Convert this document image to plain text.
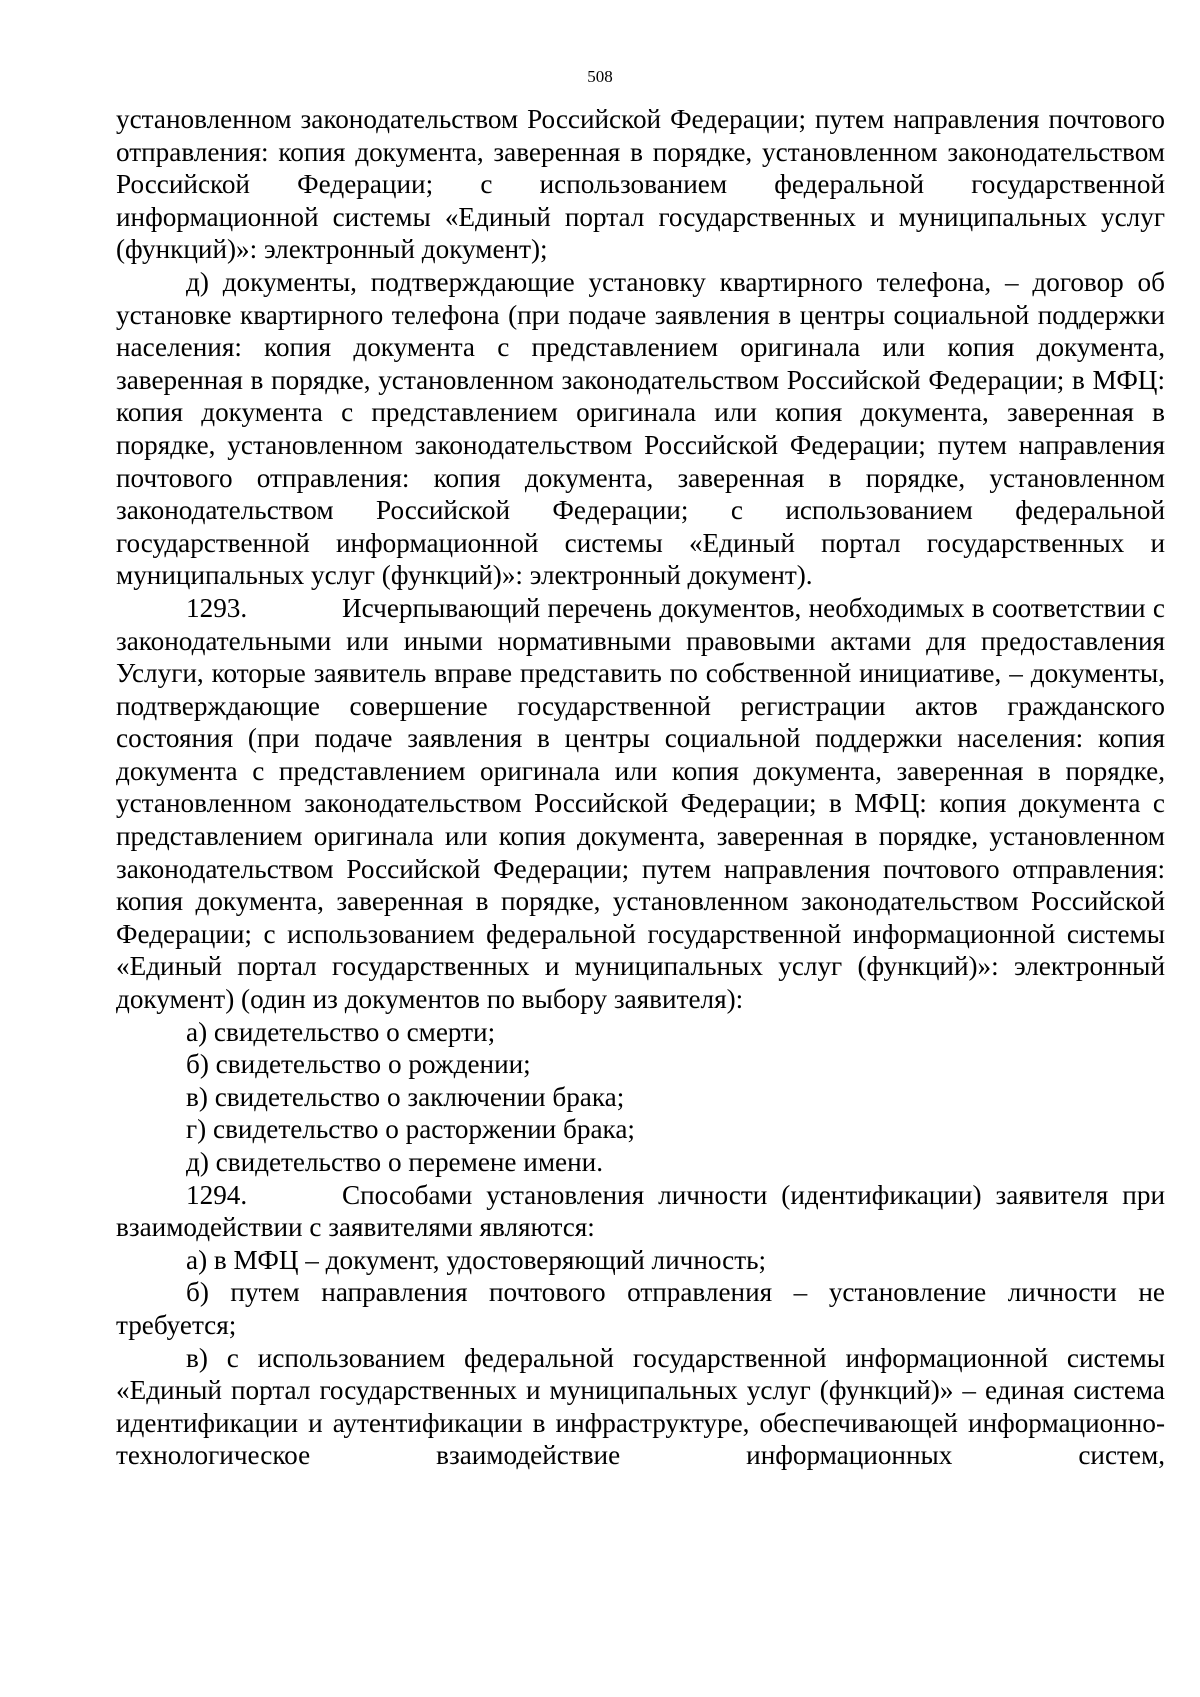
508

установленном законодательством Российской Федерации; путем направления почтового отправления: копия документа, заверенная в порядке, установленном законодательством Российской Федерации; с использованием федеральной государственной информационной системы «Единый портал государственных и муниципальных услуг (функций)»: электронный документ);

д) документы, подтверждающие установку квартирного телефона, – договор об установке квартирного телефона (при подаче заявления в центры социальной поддержки населения: копия документа с представлением оригинала или копия документа, заверенная в порядке, установленном законодательством Российской Федерации; в МФЦ: копия документа с представлением оригинала или копия документа, заверенная в порядке, установленном законодательством Российской Федерации; путем направления почтового отправления: копия документа, заверенная в порядке, установленном законодательством Российской Федерации; с использованием федеральной государственной информационной системы «Единый портал государственных и муниципальных услуг (функций)»: электронный документ).

1293.	Исчерпывающий перечень документов, необходимых в соответствии с законодательными или иными нормативными правовыми актами для предоставления Услуги, которые заявитель вправе представить по собственной инициативе, – документы, подтверждающие совершение государственной регистрации актов гражданского состояния (при подаче заявления в центры социальной поддержки населения: копия документа с представлением оригинала или копия документа, заверенная в порядке, установленном законодательством Российской Федерации; в МФЦ: копия документа с представлением оригинала или копия документа, заверенная в порядке, установленном законодательством Российской Федерации; путем направления почтового отправления: копия документа, заверенная в порядке, установленном законодательством Российской Федерации; с использованием федеральной государственной информационной системы «Единый портал государственных и муниципальных услуг (функций)»: электронный документ) (один из документов по выбору заявителя):

а) свидетельство о смерти;

б) свидетельство о рождении;

в) свидетельство о заключении брака;

г) свидетельство о расторжении брака;

д) свидетельство о перемене имени.

1294.	Способами установления личности (идентификации) заявителя при взаимодействии с заявителями являются:

а) в МФЦ – документ, удостоверяющий личность;

б) путем направления почтового отправления – установление личности не требуется;

в) с использованием федеральной государственной информационной системы «Единый портал государственных и муниципальных услуг (функций)» – единая система идентификации и аутентификации в инфраструктуре, обеспечивающей информационно-технологическое взаимодействие информационных систем,
